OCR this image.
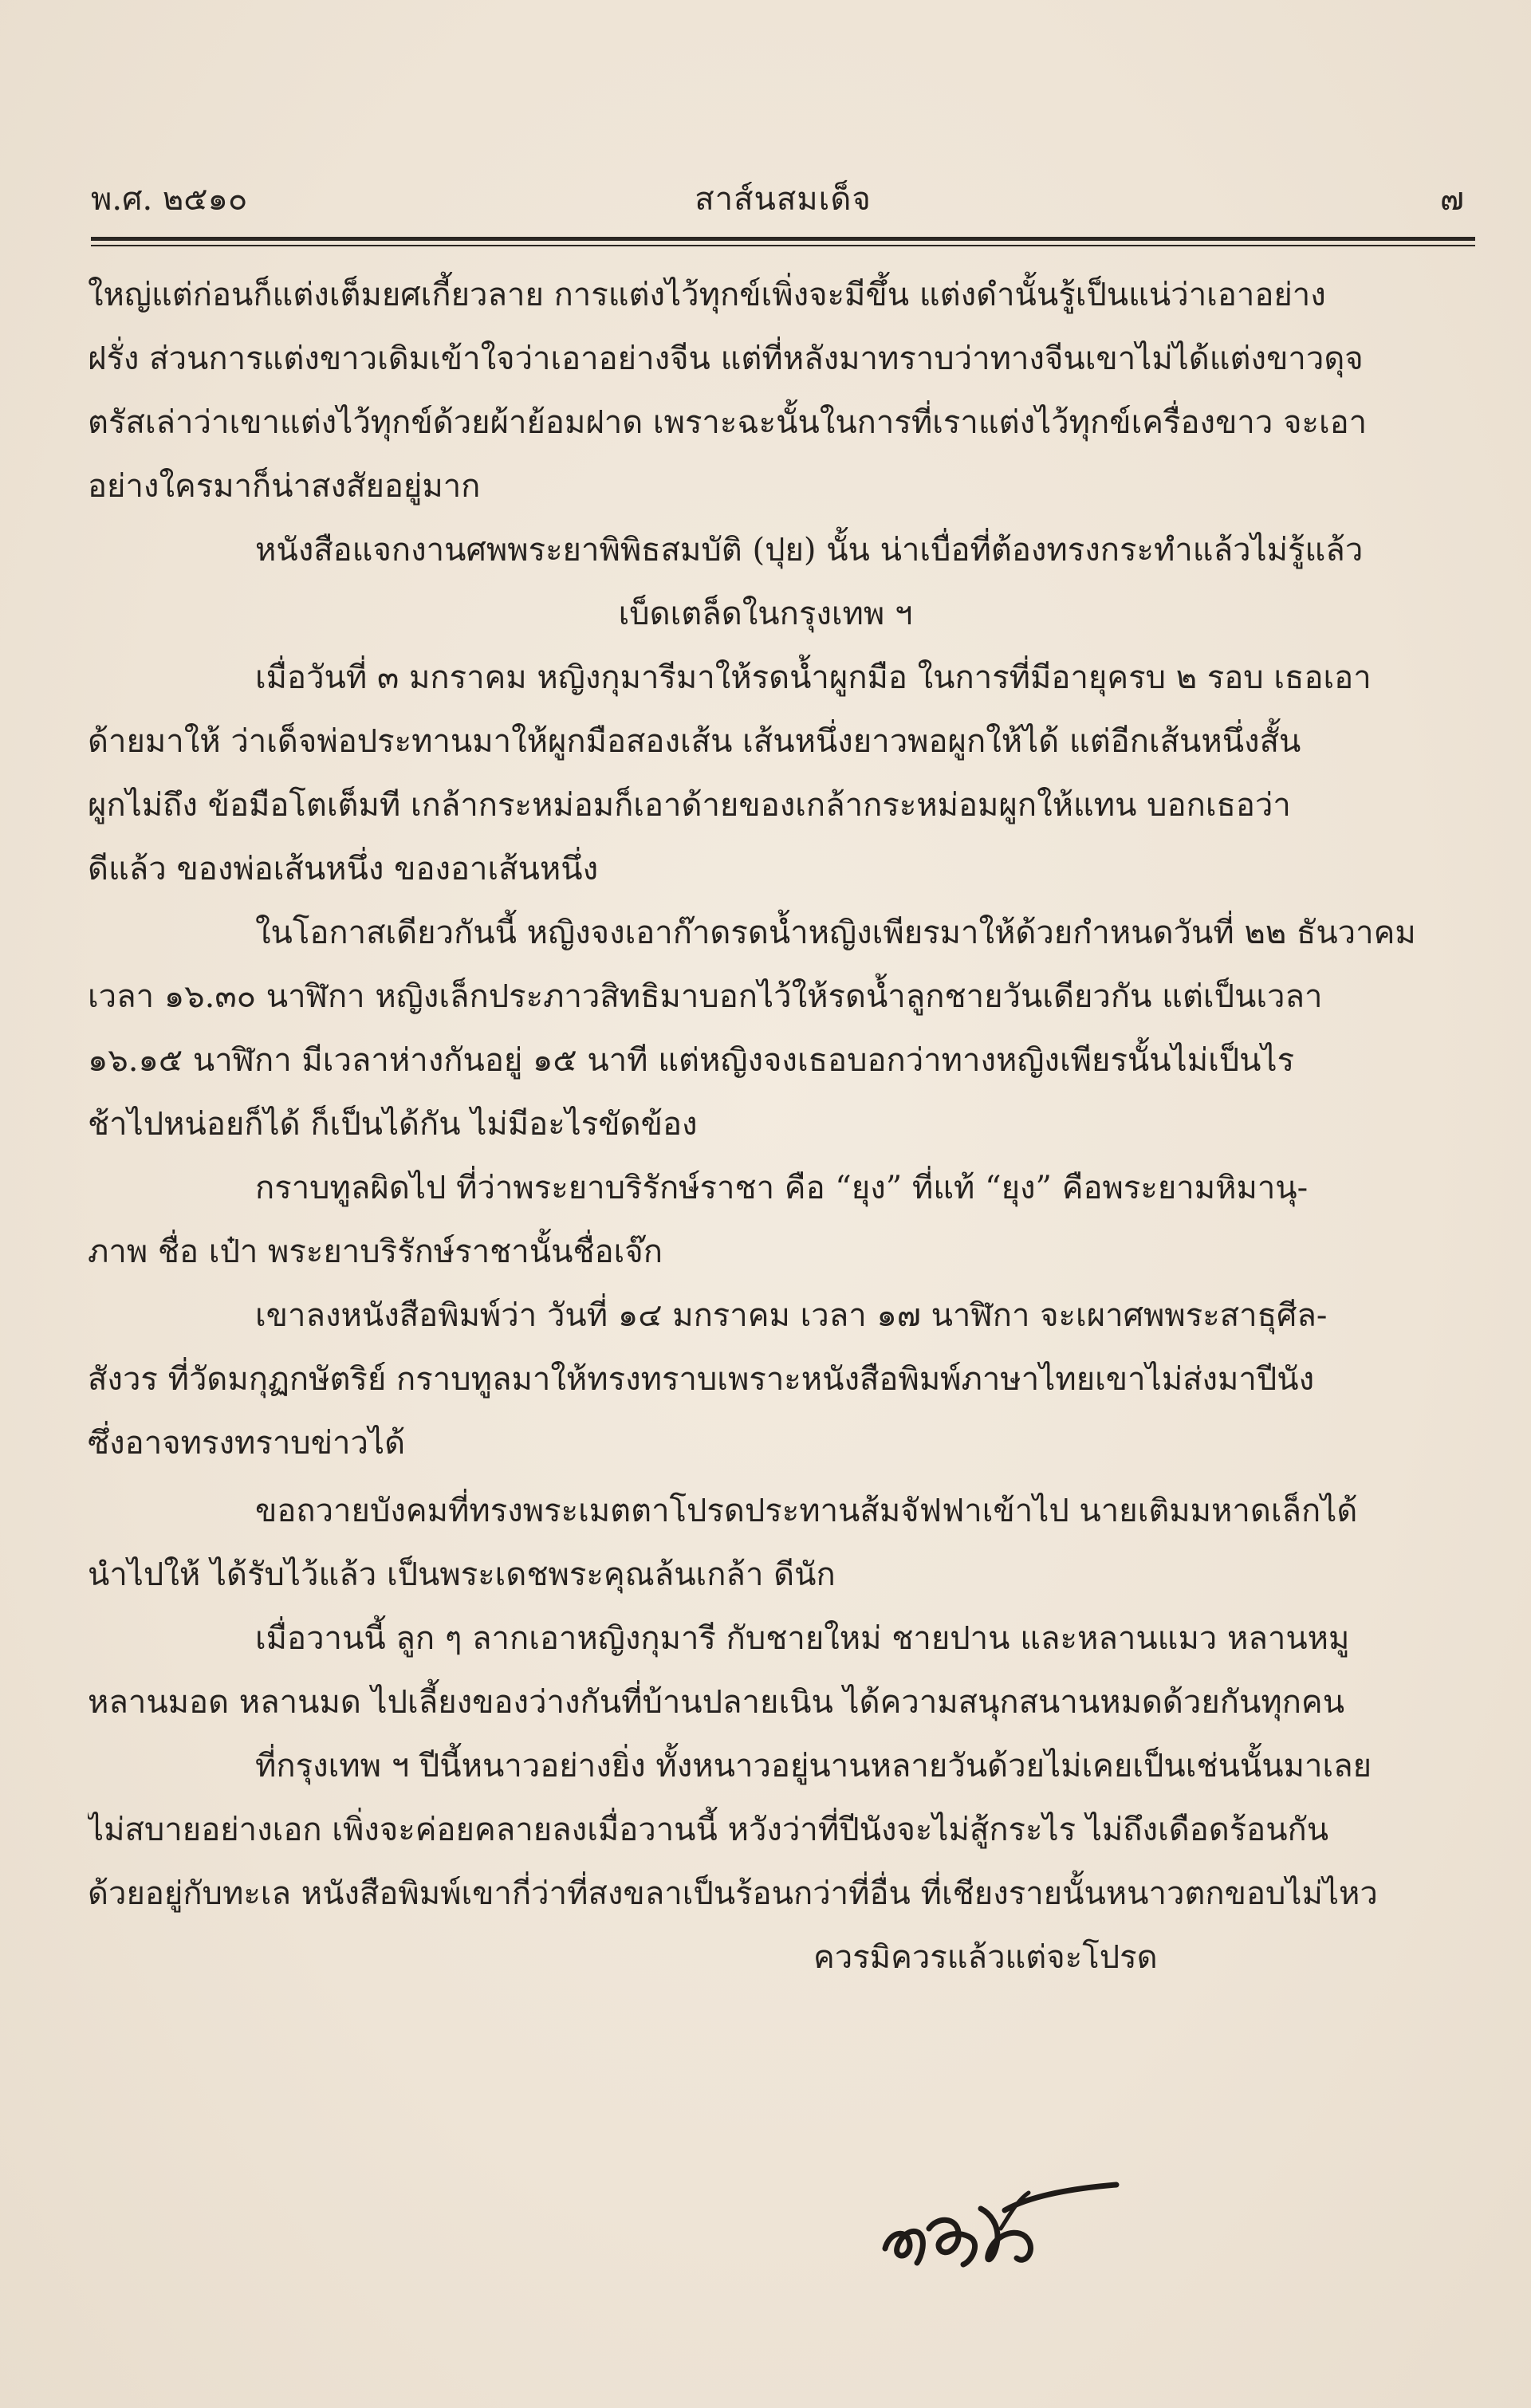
พ.ศ. ๒๕๑๐	สาส์นสมเด็จ	๗
ใหญ่แต่ก่อนก็แต่งเต็มยศเกี้ยวลาย การแต่งไว้ทุกข์เพิ่งจะมีขึ้น แต่งดำนั้นรู้เป็นแน่ว่าเอาอย่าง
ฝรั่ง ส่วนการแต่งขาวเดิมเข้าใจว่าเอาอย่างจีน แต่ที่หลังมาทราบว่าทางจีนเขาไม่ได้แต่งขาวดุจ
ตรัสเล่าว่าเขาแต่งไว้ทุกข์ด้วยผ้าย้อมฝาด เพราะฉะนั้นในการที่เราแต่งไว้ทุกข์เครื่องขาว จะเอา
อย่างใครมาก็น่าสงสัยอยู่มาก
หนังสือแจกงานศพพระยาพิพิธสมบัติ (ปุย) นั้น น่าเบื่อที่ต้องทรงกระทำแล้วไม่รู้แล้ว
เบ็ดเตล็ดในกรุงเทพ ฯ
เมื่อวันที่ ๓ มกราคม หญิงกุมารีมาให้รดน้ำผูกมือ ในการที่มีอายุครบ ๒ รอบ เธอเอา
ด้ายมาให้ ว่าเด็จพ่อประทานมาให้ผูกมือสองเส้น เส้นหนึ่งยาวพอผูกให้ได้ แต่อีกเส้นหนึ่งสั้น
ผูกไม่ถึง ข้อมือโตเต็มที เกล้ากระหม่อมก็เอาด้ายของเกล้ากระหม่อมผูกให้แทน บอกเธอว่า
ดีแล้ว ของพ่อเส้นหนึ่ง ของอาเส้นหนึ่ง
ในโอกาสเดียวกันนี้ หญิงจงเอาก๊าดรดน้ำหญิงเพียรมาให้ด้วยกำหนดวันที่ ๒๒ ธันวาคม
เวลา ๑๖.๓๐ นาฬิกา หญิงเล็กประภาวสิทธิมาบอกไว้ให้รดน้ำลูกชายวันเดียวกัน แต่เป็นเวลา
๑๖.๑๕ นาฬิกา มีเวลาห่างกันอยู่ ๑๕ นาที แต่หญิงจงเธอบอกว่าทางหญิงเพียรนั้นไม่เป็นไร
ช้าไปหน่อยก็ได้ ก็เป็นได้กัน ไม่มีอะไรขัดข้อง
กราบทูลผิดไป ที่ว่าพระยาบริรักษ์ราชา คือ “ยุง” ที่แท้ “ยุง” คือพระยามหิมานุ-
ภาพ ชื่อ เป๋า พระยาบริรักษ์ราชานั้นชื่อเจ๊ก
เขาลงหนังสือพิมพ์ว่า วันที่ ๑๔ มกราคม เวลา ๑๗ นาฬิกา จะเผาศพพระสาธุศีล-
สังวร ที่วัดมกุฏกษัตริย์ กราบทูลมาให้ทรงทราบเพราะหนังสือพิมพ์ภาษาไทยเขาไม่ส่งมาปีนัง
ซึ่งอาจทรงทราบข่าวได้
ขอถวายบังคมที่ทรงพระเมตตาโปรดประทานส้มจัฟฟาเข้าไป นายเติมมหาดเล็กได้
นำไปให้ ได้รับไว้แล้ว เป็นพระเดชพระคุณล้นเกล้า ดีนัก
เมื่อวานนี้ ลูก ๆ ลากเอาหญิงกุมารี กับชายใหม่ ชายปาน และหลานแมว หลานหมู
หลานมอด หลานมด ไปเลี้ยงของว่างกันที่บ้านปลายเนิน ได้ความสนุกสนานหมดด้วยกันทุกคน
ที่กรุงเทพ ฯ ปีนี้หนาวอย่างยิ่ง ทั้งหนาวอยู่นานหลายวันด้วยไม่เคยเป็นเช่นนั้นมาเลย
ไม่สบายอย่างเอก เพิ่งจะค่อยคลายลงเมื่อวานนี้ หวังว่าที่ปีนังจะไม่สู้กระไร ไม่ถึงเดือดร้อนกัน
ด้วยอยู่กับทะเล หนังสือพิมพ์เขากี่ว่าที่สงขลาเป็นร้อนกว่าที่อื่น ที่เชียงรายนั้นหนาวตกขอบไม่ไหว
ควรมิควรแล้วแต่จะโปรด
